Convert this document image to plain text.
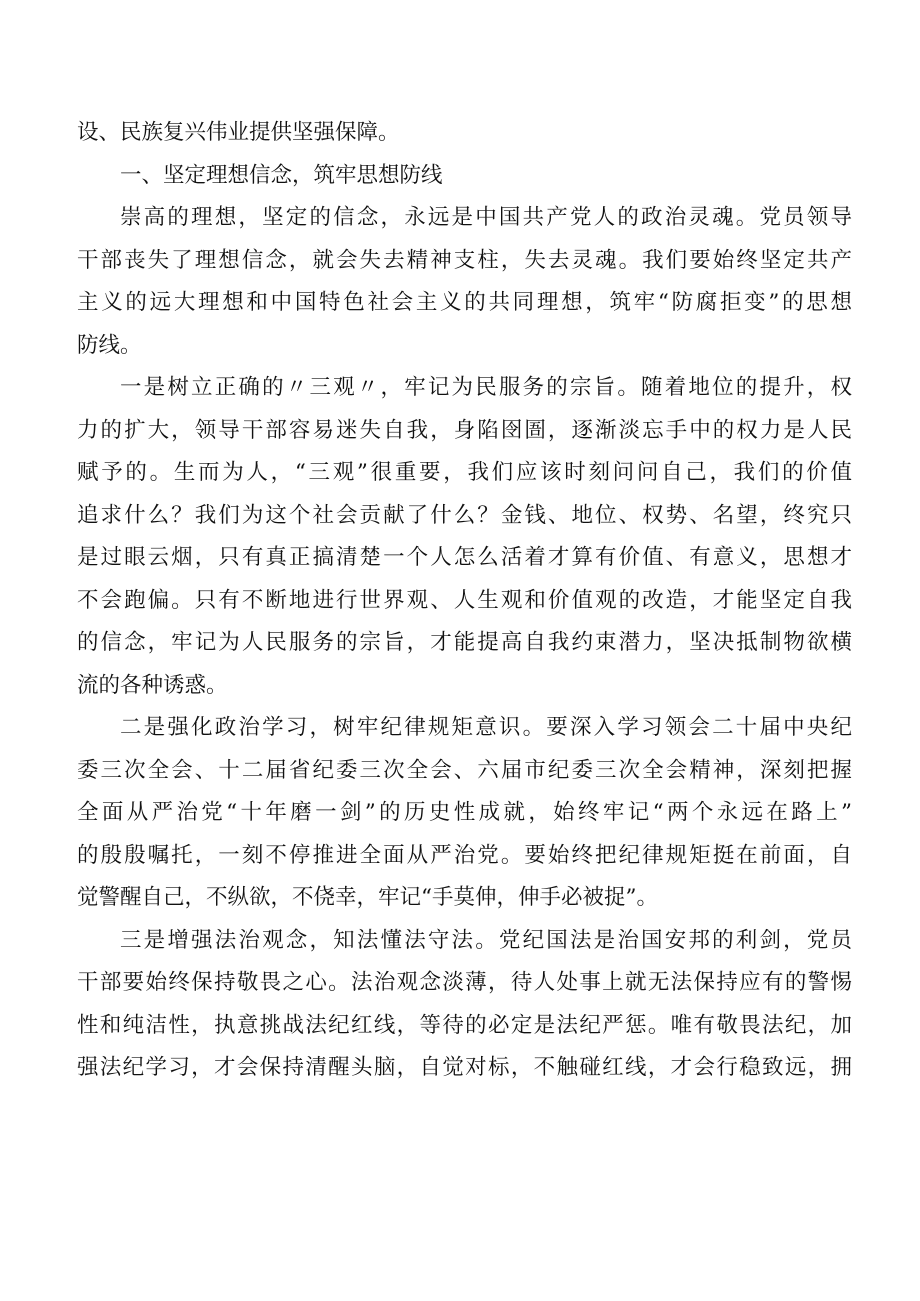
设、民族复兴伟业提供坚强保障。

一、坚定理想信念，筑牢思想防线

崇高的理想，坚定的信念，永远是中国共产党人的政治灵魂。党员领导
干部丧失了理想信念，就会失去精神支柱，失去灵魂。我们要始终坚定共产
主义的远大理想和中国特色社会主义的共同理想，筑牢“防腐拒变”的思想
防线。

一是树立正确的〃三观〃，牢记为民服务的宗旨。随着地位的提升，权
力的扩大，领导干部容易迷失自我，身陷囹圄，逐渐淡忘手中的权力是人民
赋予的。生而为人，“三观”很重要，我们应该时刻问问自己，我们的价值
追求什么？我们为这个社会贡献了什么？金钱、地位、权势、名望，终究只
是过眼云烟，只有真正搞清楚一个人怎么活着才算有价值、有意义，思想才
不会跑偏。只有不断地进行世界观、人生观和价值观的改造，才能坚定自我
的信念，牢记为人民服务的宗旨，才能提高自我约束潜力，坚决抵制物欲横
流的各种诱惑。

二是强化政治学习，树牢纪律规矩意识。要深入学习领会二十届中央纪
委三次全会、十二届省纪委三次全会、六届市纪委三次全会精神，深刻把握
全面从严治党“十年磨一剑”的历史性成就，始终牢记“两个永远在路上”
的殷殷嘱托，一刻不停推进全面从严治党。要始终把纪律规矩挺在前面，自
觉警醒自己，不纵欲，不侥幸，牢记“手莫伸，伸手必被捉”。

三是增强法治观念，知法懂法守法。党纪国法是治国安邦的利剑，党员
干部要始终保持敬畏之心。法治观念淡薄，待人处事上就无法保持应有的警惕
性和纯洁性，执意挑战法纪红线，等待的必定是法纪严惩。唯有敬畏法纪，加
强法纪学习，才会保持清醒头脑，自觉对标，不触碰红线，才会行稳致远，拥
